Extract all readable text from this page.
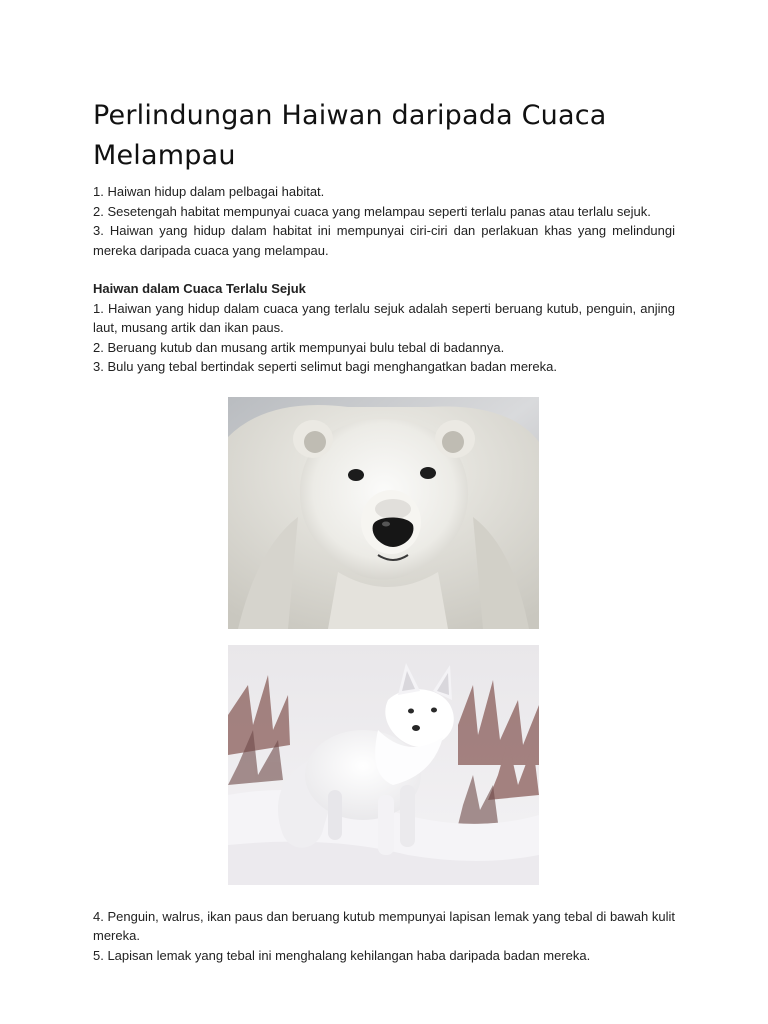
Perlindungan Haiwan daripada Cuaca Melampau

1. Haiwan hidup dalam pelbagai habitat.

2. Sesetengah habitat mempunyai cuaca yang melampau seperti terlalu panas atau terlalu sejuk.

3. Haiwan yang hidup dalam habitat ini mempunyai ciri-ciri dan perlakuan khas yang melindungi mereka daripada cuaca yang melampau.

Haiwan dalam Cuaca Terlalu Sejuk

1. Haiwan yang hidup dalam cuaca yang terlalu sejuk adalah seperti beruang kutub, penguin, anjing laut, musang artik dan ikan paus.

2. Beruang kutub dan musang artik mempunyai bulu tebal di badannya.

3. Bulu yang tebal bertindak seperti selimut bagi menghangatkan badan mereka.

4. Penguin, walrus, ikan paus dan beruang kutub mempunyai lapisan lemak yang tebal di bawah kulit mereka.

5. Lapisan lemak yang tebal ini menghalang kehilangan haba daripada badan mereka.
